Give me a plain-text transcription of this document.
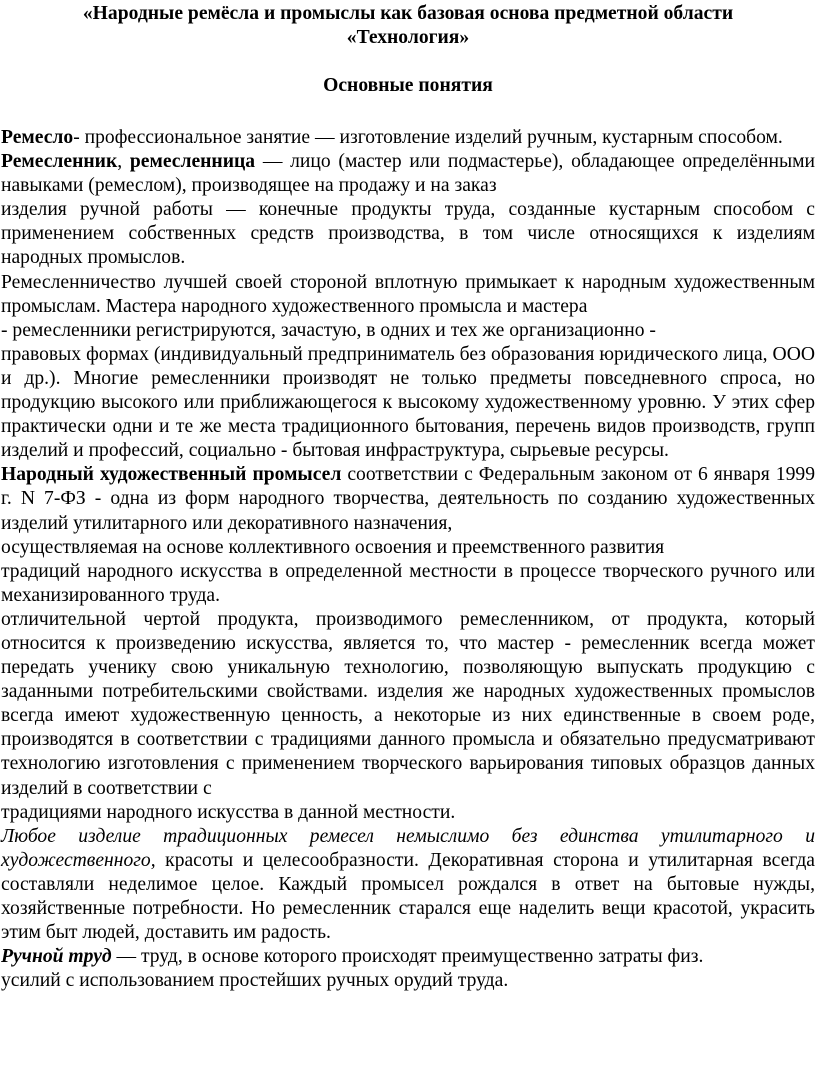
«Народные ремёсла и промыслы как базовая основа предметной области
«Технология»
Основные понятия

Ремесло- профессиональное занятие — изготовление изделий ручным, кустарным способом.

Ремесленник, ремесленница — лицо (мастер или подмастерье), обладающее определёнными навыками (ремеслом), производящее на продажу и на заказ

изделия ручной работы — конечные продукты труда, созданные кустарным способом с применением собственных средств производства, в том числе относящихся к изделиям народных промыслов.

Ремесленничество лучшей своей стороной вплотную примыкает к народным художественным промыслам. Мастера народного художественного промысла и мастера

- ремесленники регистрируются, зачастую, в одних и тех же организационно -

правовых формах (индивидуальный предприниматель без образования юридического лица, ООО и др.). Многие ремесленники производят не только предметы повседневного спроса, но продукцию высокого или приближающегося к высокому художественному уровню. У этих сфер практически одни и те же места традиционного бытования, перечень видов производств, групп изделий и профессий, социально - бытовая инфраструктура, сырьевые ресурсы.

Народный художественный промысел соответствии с Федеральным законом от 6 января 1999 г. N 7-ФЗ - одна из форм народного творчества, деятельность по созданию художественных изделий утилитарного или декоративного назначения,

осуществляемая на основе коллективного освоения и преемственного развития

традиций народного искусства в определенной местности в процессе творческого ручного или механизированного труда.

отличительной чертой продукта, производимого ремесленником, от продукта, который относится к произведению искусства, является то, что мастер - ремесленник всегда может передать ученику свою уникальную технологию, позволяющую выпускать продукцию с заданными потребительскими свойствами. изделия же народных художественных промыслов всегда имеют художественную ценность, а некоторые из них единственные в своем роде, производятся в соответствии с традициями данного промысла и обязательно предусматривают технологию изготовления с применением творческого варьирования типовых образцов данных изделий в соответствии с

традициями народного искусства в данной местности.

Любое изделие традиционных ремесел немыслимо без единства утилитарного и художественного, красоты и целесообразности. Декоративная сторона и утилитарная всегда составляли неделимое целое. Каждый промысел рождался в ответ на бытовые нужды, хозяйственные потребности. Но ремесленник старался еще наделить вещи красотой, украсить этим быт людей, доставить им радость.

Ручной труд — труд, в основе которого происходят преимущественно затраты физ.

усилий с использованием простейших ручных орудий труда.
